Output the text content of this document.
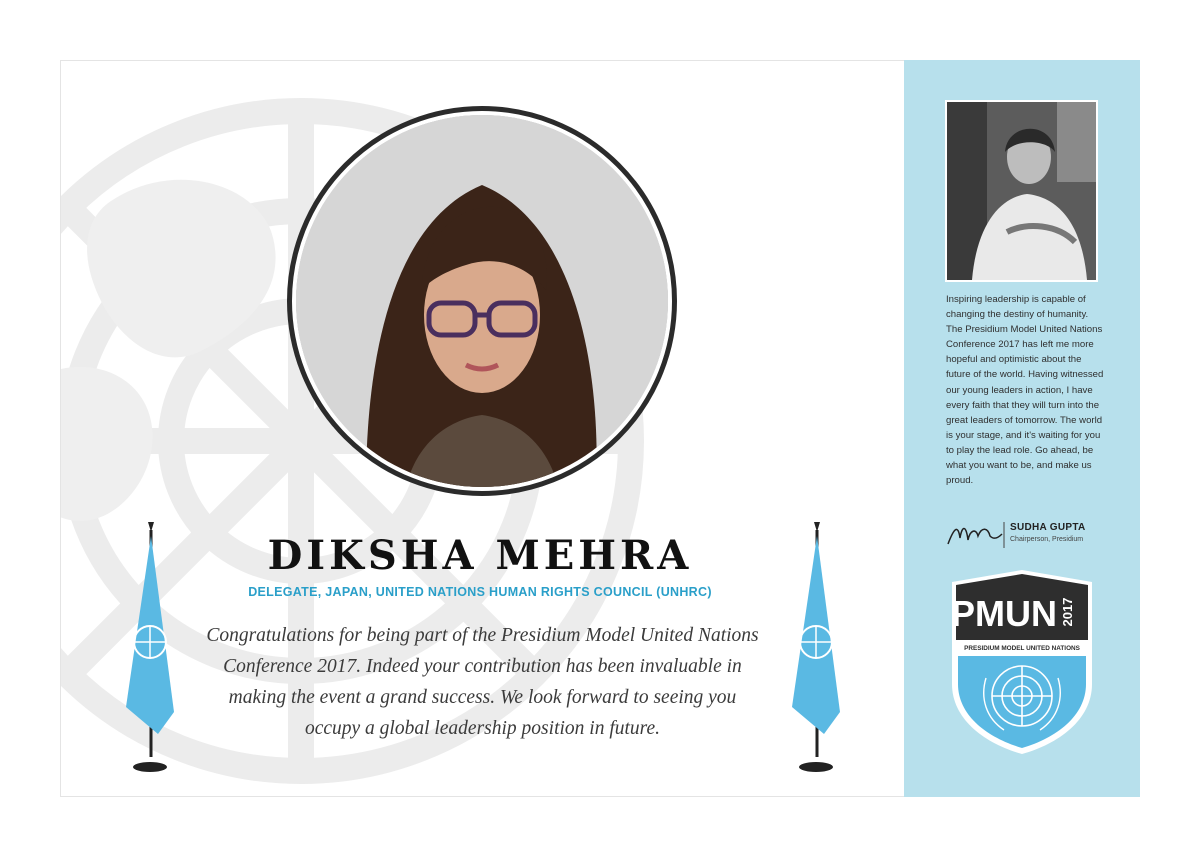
DIKSHA MEHRA
DELEGATE, JAPAN, UNITED NATIONS HUMAN RIGHTS COUNCIL (UNHRC)
Congratulations for being part of the Presidium Model United Nations Conference 2017. Indeed your contribution has been invaluable in making the event a grand success. We look forward to seeing you occupy a global leadership position in future.
Inspiring leadership is capable of changing the destiny of humanity. The Presidium Model United Nations Conference 2017 has left me more hopeful and optimistic about the future of the world. Having witnessed our young leaders in action, I have every faith that they will turn into the great leaders of tomorrow. The world is your stage, and it's waiting for you to play the lead role. Go ahead, be what you want to be, and make us proud.
SUDHA GUPTA
Chairperson, Presidium
PMUN 2017
PRESIDIUM MODEL UNITED NATIONS
